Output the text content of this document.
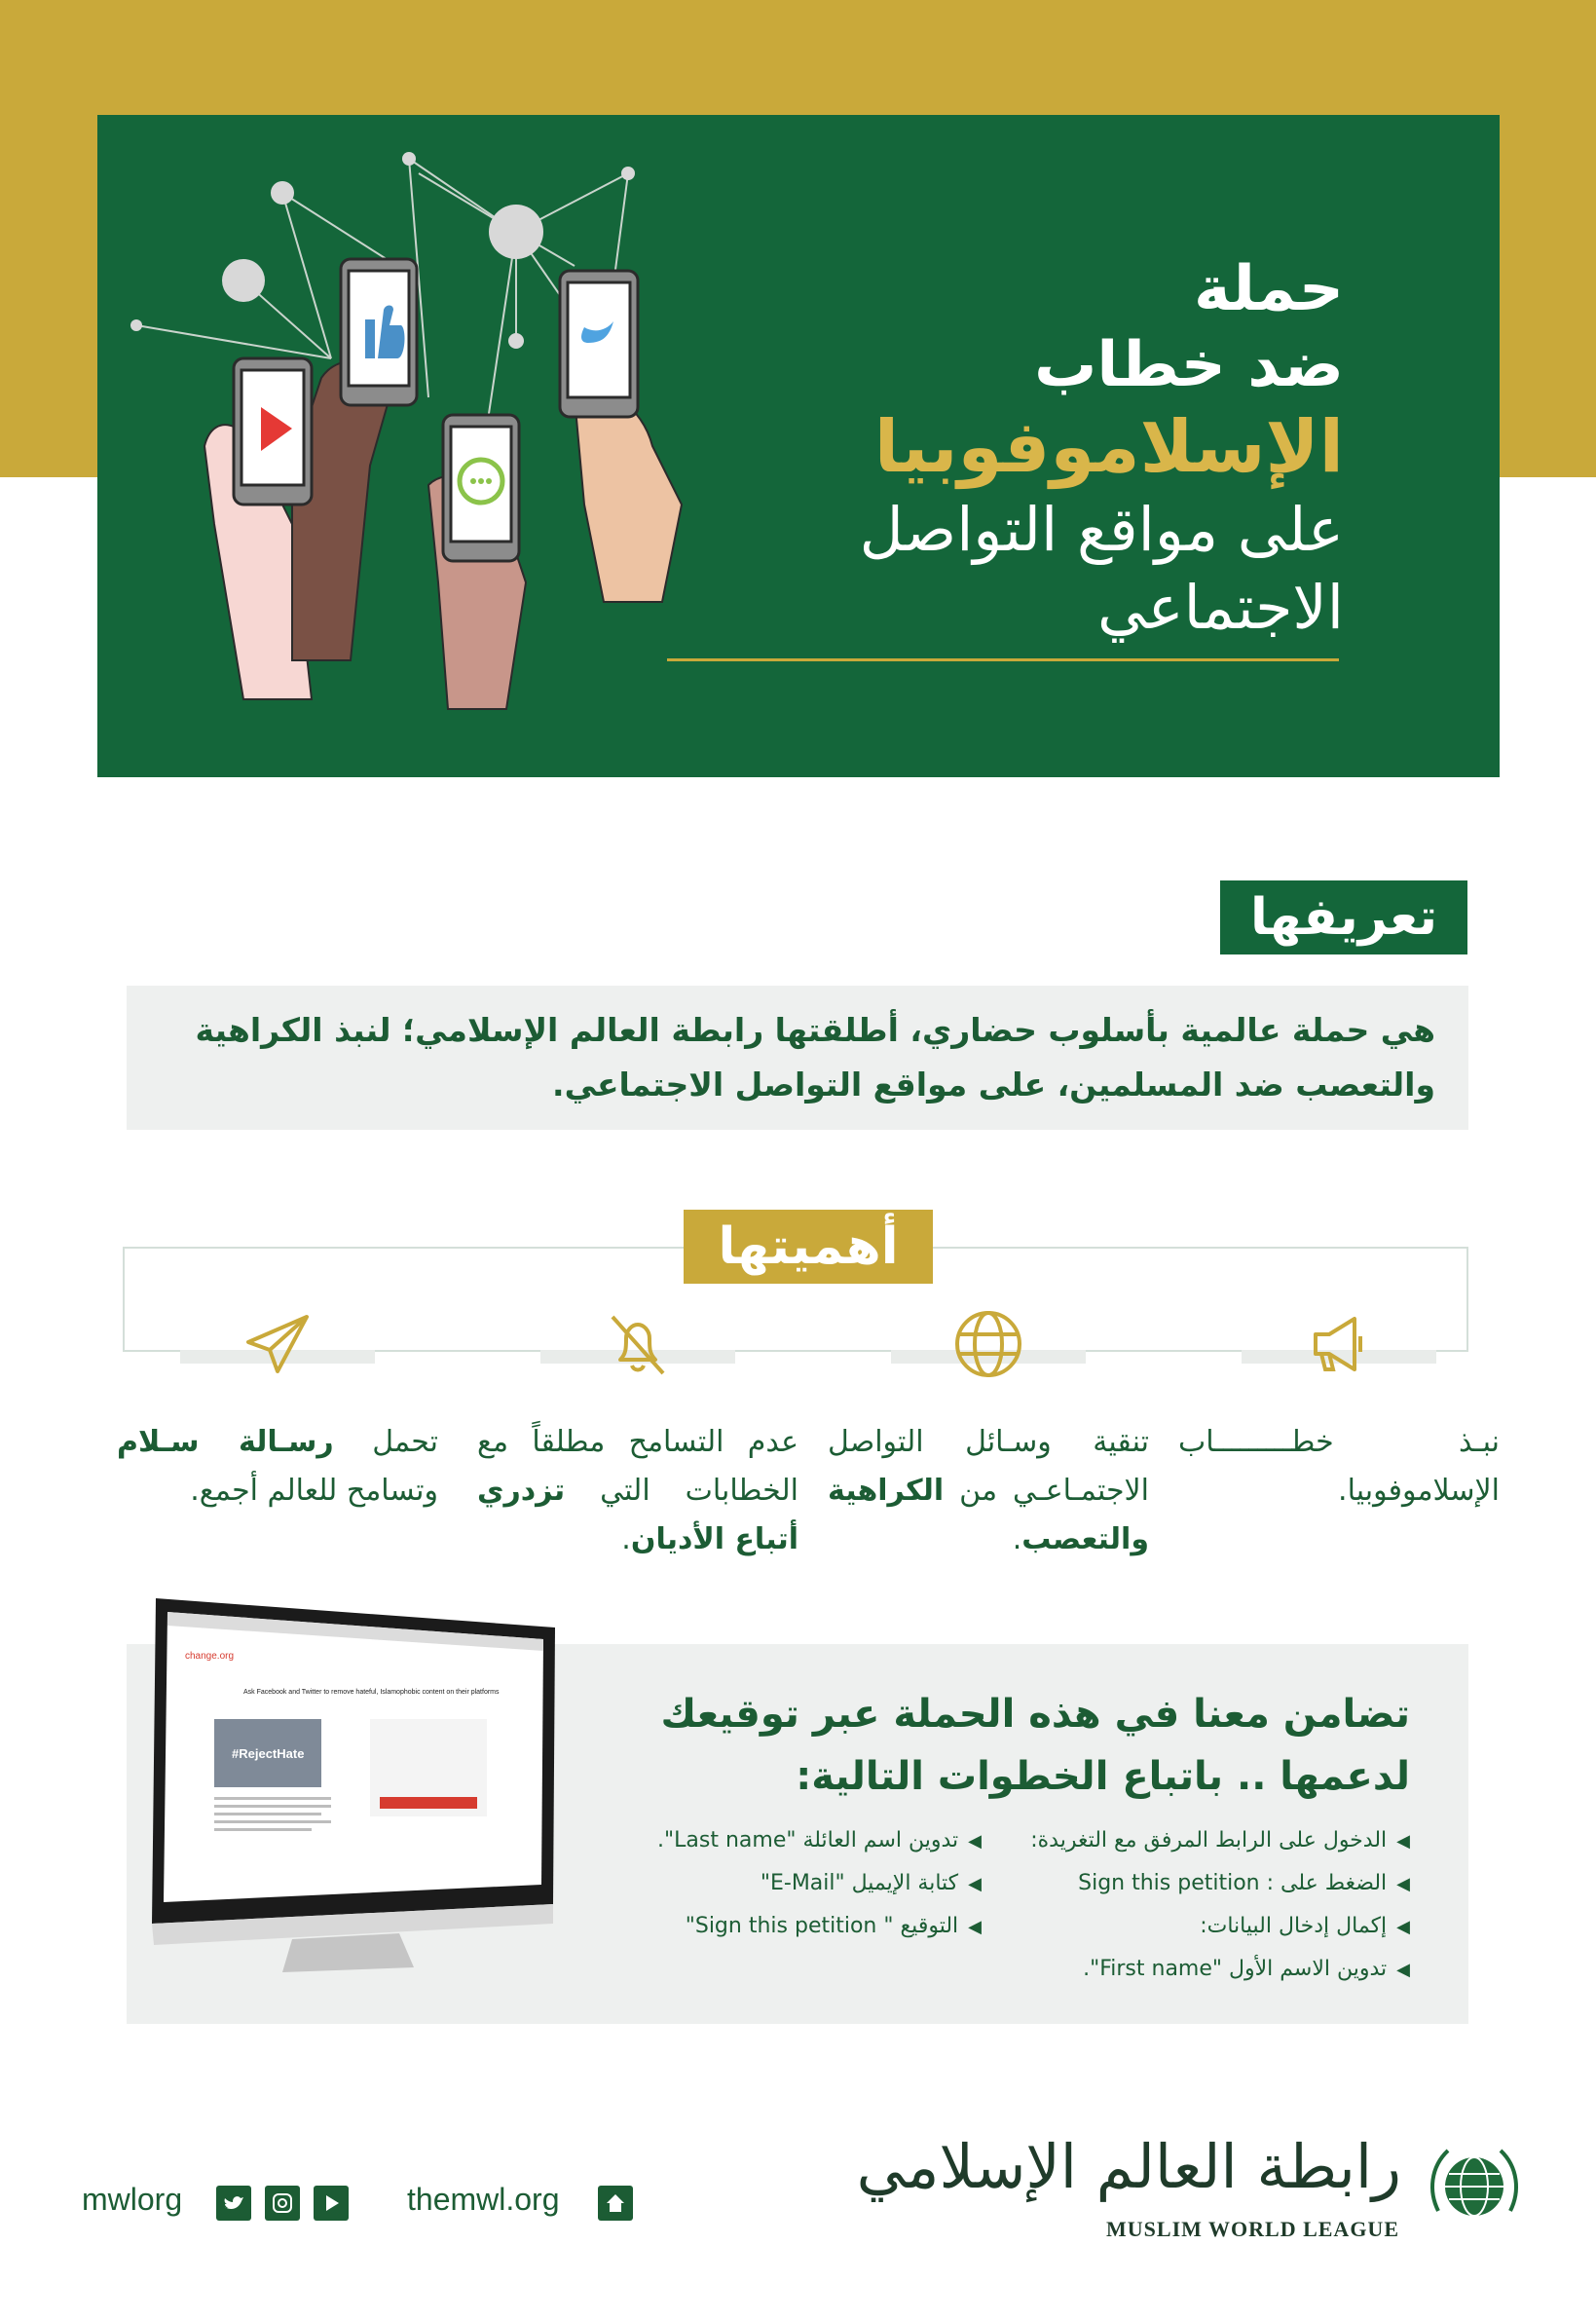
حملة
ضد خطاب
الإسلاموفوبيا
على مواقع التواصل
الاجتماعي
تعريفها
هي حملة عالمية بأسلوب حضاري، أطلقتها رابطة العالم الإسلامي؛ لنبذ الكراهية والتعصب ضد المسلمين، على مواقع التواصل الاجتماعي.
أهميتها
نبـذ خطـــــــــاب الإسلاموفوبيا.
تنقية وسـائل التواصل الاجتمـاعـي من الكراهية والتعصب.
عدم التسامح مطلقاً مع الخطابات التي تزدري أتباع الأديان.
تحمل رسـالة سـلام وتسامح للعالم أجمع.
تضامن معنا في هذه الحملة عبر توقيعك
لدعمها .. باتباع الخطوات التالية:
◀ الدخول على الرابط المرفق مع التغريدة:
◀ الضغط على : Sign this petition
◀ إكمال إدخال البيانات:
◀ تدوين الاسم الأول "First name".
◀ تدوين اسم العائلة "Last name".
◀ كتابة الإيميل "E-Mail"
◀ التوقيع " Sign this petition"
change.org
Ask Facebook and Twitter to remove hateful, Islamophobic content on their platforms
#RejectHate
mwlorg	themwl.org	رابطة العالم الإسلامي
MUSLIM WORLD LEAGUE
